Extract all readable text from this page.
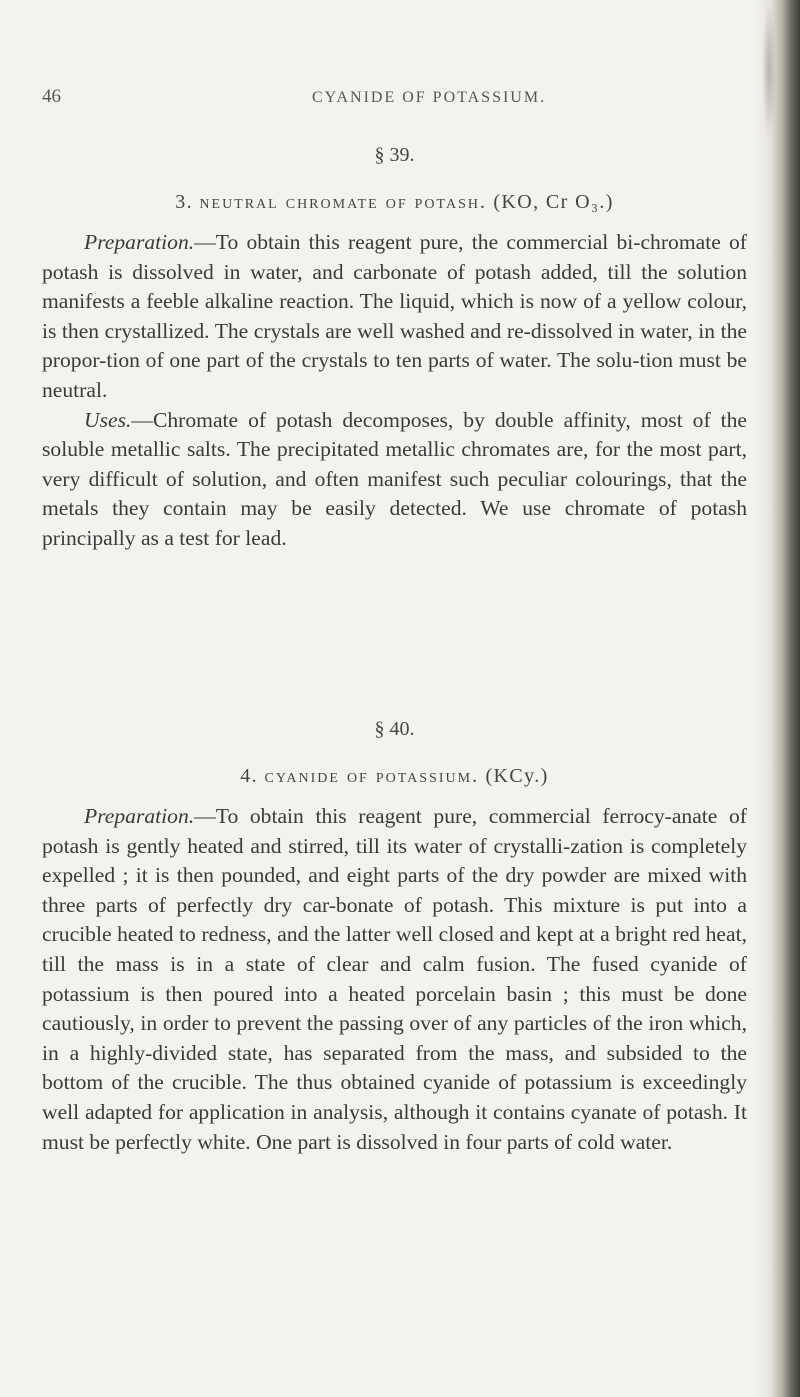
46	CYANIDE OF POTASSIUM.
§ 39.
3. neutral chromate of potash. (KO, Cr O₃.)

Preparation.—To obtain this reagent pure, the commercial bi-chromate of potash is dissolved in water, and carbonate of potash added, till the solution manifests a feeble alkaline reaction. The liquid, which is now of a yellow colour, is then crystallized. The crystals are well washed and re-dissolved in water, in the propor-tion of one part of the crystals to ten parts of water. The solu-tion must be neutral.

Uses.—Chromate of potash decomposes, by double affinity, most of the soluble metallic salts. The precipitated metallic chromates are, for the most part, very difficult of solution, and often manifest such peculiar colourings, that the metals they contain may be easily detected. We use chromate of potash principally as a test for lead.

§ 40.
4. cyanide of potassium. (KCy.)

Preparation.—To obtain this reagent pure, commercial ferrocy-anate of potash is gently heated and stirred, till its water of crystalli-zation is completely expelled ; it is then pounded, and eight parts of the dry powder are mixed with three parts of perfectly dry car-bonate of potash. This mixture is put into a crucible heated to redness, and the latter well closed and kept at a bright red heat, till the mass is in a state of clear and calm fusion. The fused cyanide of potassium is then poured into a heated porcelain basin ; this must be done cautiously, in order to prevent the passing over of any particles of the iron which, in a highly-divided state, has separated from the mass, and subsided to the bottom of the crucible. The thus obtained cyanide of potassium is exceedingly well adapted for application in analysis, although it contains cyanate of potash. It must be perfectly white. One part is dissolved in four parts of cold water.
